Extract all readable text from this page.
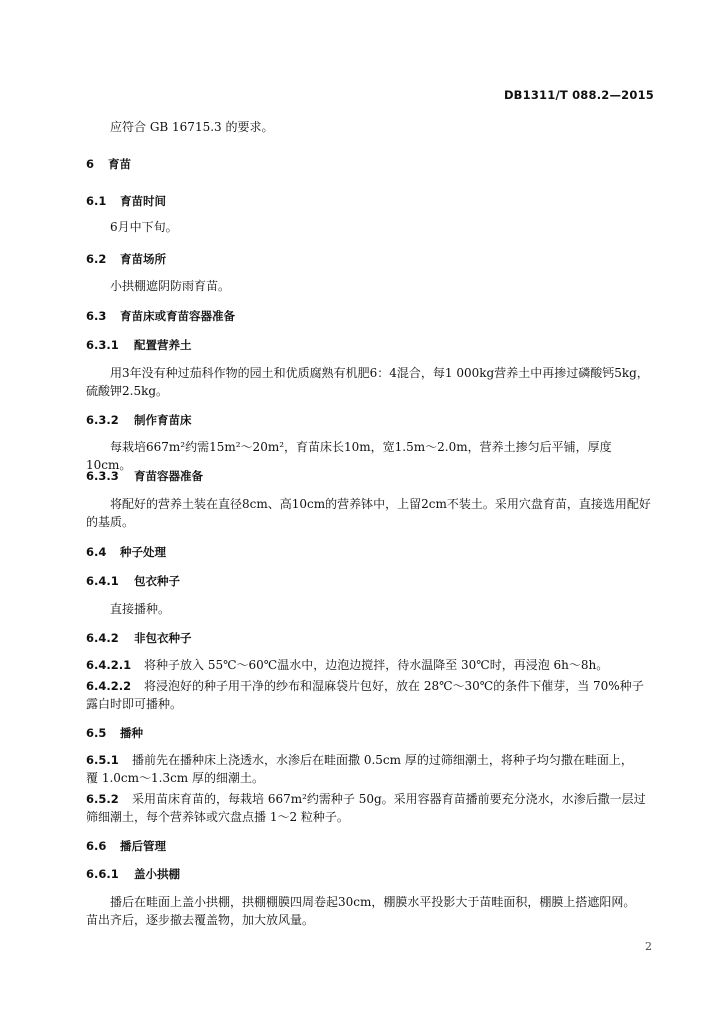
DB1311/T 088.2—2015
应符合 GB 16715.3 的要求。
6 育苗
6.1 育苗时间
6月中下旬。
6.2 育苗场所
小拱棚遮阴防雨育苗。
6.3 育苗床或育苗容器准备
6.3.1 配置营养土
用3年没有种过茄科作物的园土和优质腐熟有机肥6：4混合，每1 000kg营养土中再掺过磷酸钙5kg，
硫酸钾2.5kg。
6.3.2 制作育苗床
每栽培667m²约需15m²～20m²，育苗床长10m，宽1.5m～2.0m，营养土掺匀后平铺，厚度10cm。
6.3.3 育苗容器准备
将配好的营养土装在直径8cm、高10cm的营养钵中，上留2cm不装土。采用穴盘育苗，直接选用配好
的基质。
6.4 种子处理
6.4.1 包衣种子
直接播种。
6.4.2 非包衣种子
6.4.2.1 将种子放入 55℃～60℃温水中，边泡边搅拌，待水温降至 30℃时，再浸泡 6h～8h。
6.4.2.2 将浸泡好的种子用干净的纱布和湿麻袋片包好，放在 28℃～30℃的条件下催芽，当 70%种子
露白时即可播种。
6.5 播种
6.5.1 播前先在播种床上浇透水，水渗后在畦面撒 0.5cm 厚的过筛细潮土，将种子均匀撒在畦面上，
覆 1.0cm～1.3cm 厚的细潮土。
6.5.2 采用苗床育苗的，每栽培 667m²约需种子 50g。采用容器育苗播前要充分浇水，水渗后撒一层过
筛细潮土，每个营养钵或穴盘点播 1～2 粒种子。
6.6 播后管理
6.6.1 盖小拱棚
播后在畦面上盖小拱棚，拱棚棚膜四周卷起30cm，棚膜水平投影大于苗畦面积，棚膜上搭遮阳网。
苗出齐后，逐步撤去覆盖物，加大放风量。
2
